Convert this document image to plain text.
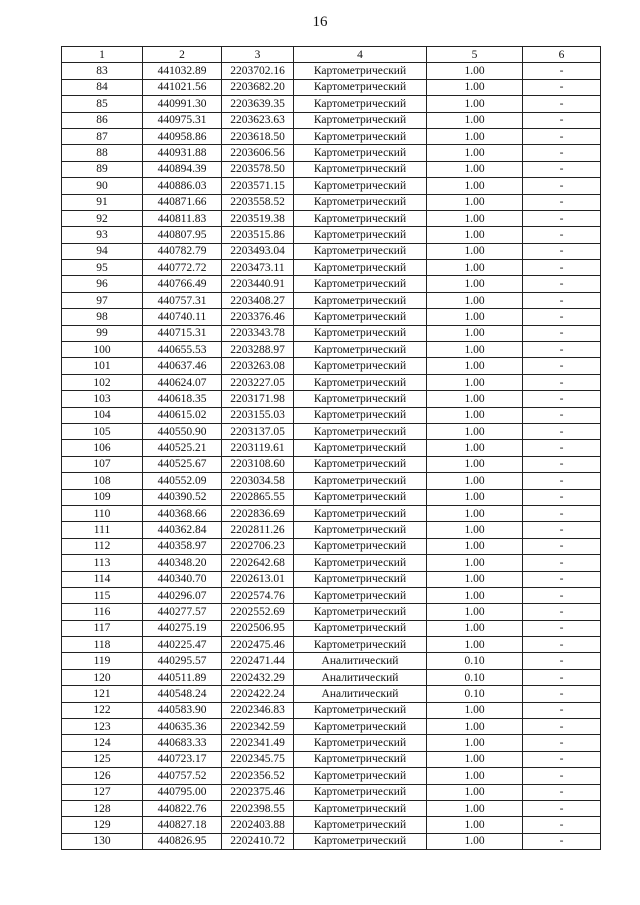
16
1	2	3	4	5	6
83	441032.89	2203702.16	Картометрический	1.00	-
84	441021.56	2203682.20	Картометрический	1.00	-
85	440991.30	2203639.35	Картометрический	1.00	-
86	440975.31	2203623.63	Картометрический	1.00	-
87	440958.86	2203618.50	Картометрический	1.00	-
88	440931.88	2203606.56	Картометрический	1.00	-
89	440894.39	2203578.50	Картометрический	1.00	-
90	440886.03	2203571.15	Картометрический	1.00	-
91	440871.66	2203558.52	Картометрический	1.00	-
92	440811.83	2203519.38	Картометрический	1.00	-
93	440807.95	2203515.86	Картометрический	1.00	-
94	440782.79	2203493.04	Картометрический	1.00	-
95	440772.72	2203473.11	Картометрический	1.00	-
96	440766.49	2203440.91	Картометрический	1.00	-
97	440757.31	2203408.27	Картометрический	1.00	-
98	440740.11	2203376.46	Картометрический	1.00	-
99	440715.31	2203343.78	Картометрический	1.00	-
100	440655.53	2203288.97	Картометрический	1.00	-
101	440637.46	2203263.08	Картометрический	1.00	-
102	440624.07	2203227.05	Картометрический	1.00	-
103	440618.35	2203171.98	Картометрический	1.00	-
104	440615.02	2203155.03	Картометрический	1.00	-
105	440550.90	2203137.05	Картометрический	1.00	-
106	440525.21	2203119.61	Картометрический	1.00	-
107	440525.67	2203108.60	Картометрический	1.00	-
108	440552.09	2203034.58	Картометрический	1.00	-
109	440390.52	2202865.55	Картометрический	1.00	-
110	440368.66	2202836.69	Картометрический	1.00	-
111	440362.84	2202811.26	Картометрический	1.00	-
112	440358.97	2202706.23	Картометрический	1.00	-
113	440348.20	2202642.68	Картометрический	1.00	-
114	440340.70	2202613.01	Картометрический	1.00	-
115	440296.07	2202574.76	Картометрический	1.00	-
116	440277.57	2202552.69	Картометрический	1.00	-
117	440275.19	2202506.95	Картометрический	1.00	-
118	440225.47	2202475.46	Картометрический	1.00	-
119	440295.57	2202471.44	Аналитический	0.10	-
120	440511.89	2202432.29	Аналитический	0.10	-
121	440548.24	2202422.24	Аналитический	0.10	-
122	440583.90	2202346.83	Картометрический	1.00	-
123	440635.36	2202342.59	Картометрический	1.00	-
124	440683.33	2202341.49	Картометрический	1.00	-
125	440723.17	2202345.75	Картометрический	1.00	-
126	440757.52	2202356.52	Картометрический	1.00	-
127	440795.00	2202375.46	Картометрический	1.00	-
128	440822.76	2202398.55	Картометрический	1.00	-
129	440827.18	2202403.88	Картометрический	1.00	-
130	440826.95	2202410.72	Картометрический	1.00	-
